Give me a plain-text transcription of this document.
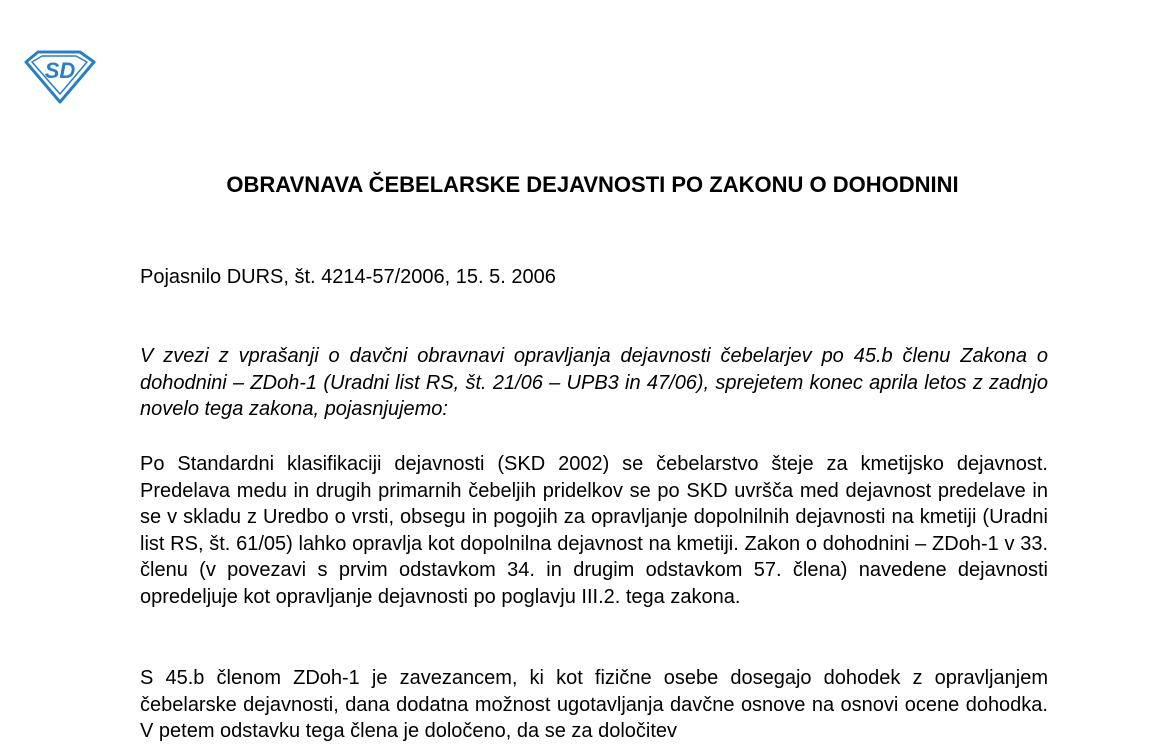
SD
OBRAVNAVA ČEBELARSKE DEJAVNOSTI PO ZAKONU O DOHODNINI

Pojasnilo DURS, št. 4214-57/2006, 15. 5. 2006

V zvezi z vprašanji o davčni obravnavi opravljanja dejavnosti čebelarjev po 45.b členu Zakona o dohodnini – ZDoh-1 (Uradni list RS, št. 21/06 – UPB3 in 47/06), sprejetem konec aprila letos z zadnjo novelo tega zakona, pojasnjujemo:

Po Standardni klasifikaciji dejavnosti (SKD 2002) se čebelarstvo šteje za kmetijsko dejavnost. Predelava medu in drugih primarnih čebeljih pridelkov se po SKD uvršča med dejavnost predelave in se v skladu z Uredbo o vrsti, obsegu in pogojih za opravljanje dopolnilnih dejavnosti na kmetiji (Uradni list RS, št. 61/05) lahko opravlja kot dopolnilna dejavnost na kmetiji. Zakon o dohodnini – ZDoh-1 v 33. členu (v povezavi s prvim odstavkom 34. in drugim odstavkom 57. člena) navedene dejavnosti opredeljuje kot opravljanje dejavnosti po poglavju III.2. tega zakona.

S 45.b členom ZDoh-1 je zavezancem, ki kot fizične osebe dosegajo dohodek z opravljanjem čebelarske dejavnosti, dana dodatna možnost ugotavljanja davčne osnove na osnovi ocene dohodka. V petem odstavku tega člena je določeno, da se za določitev
